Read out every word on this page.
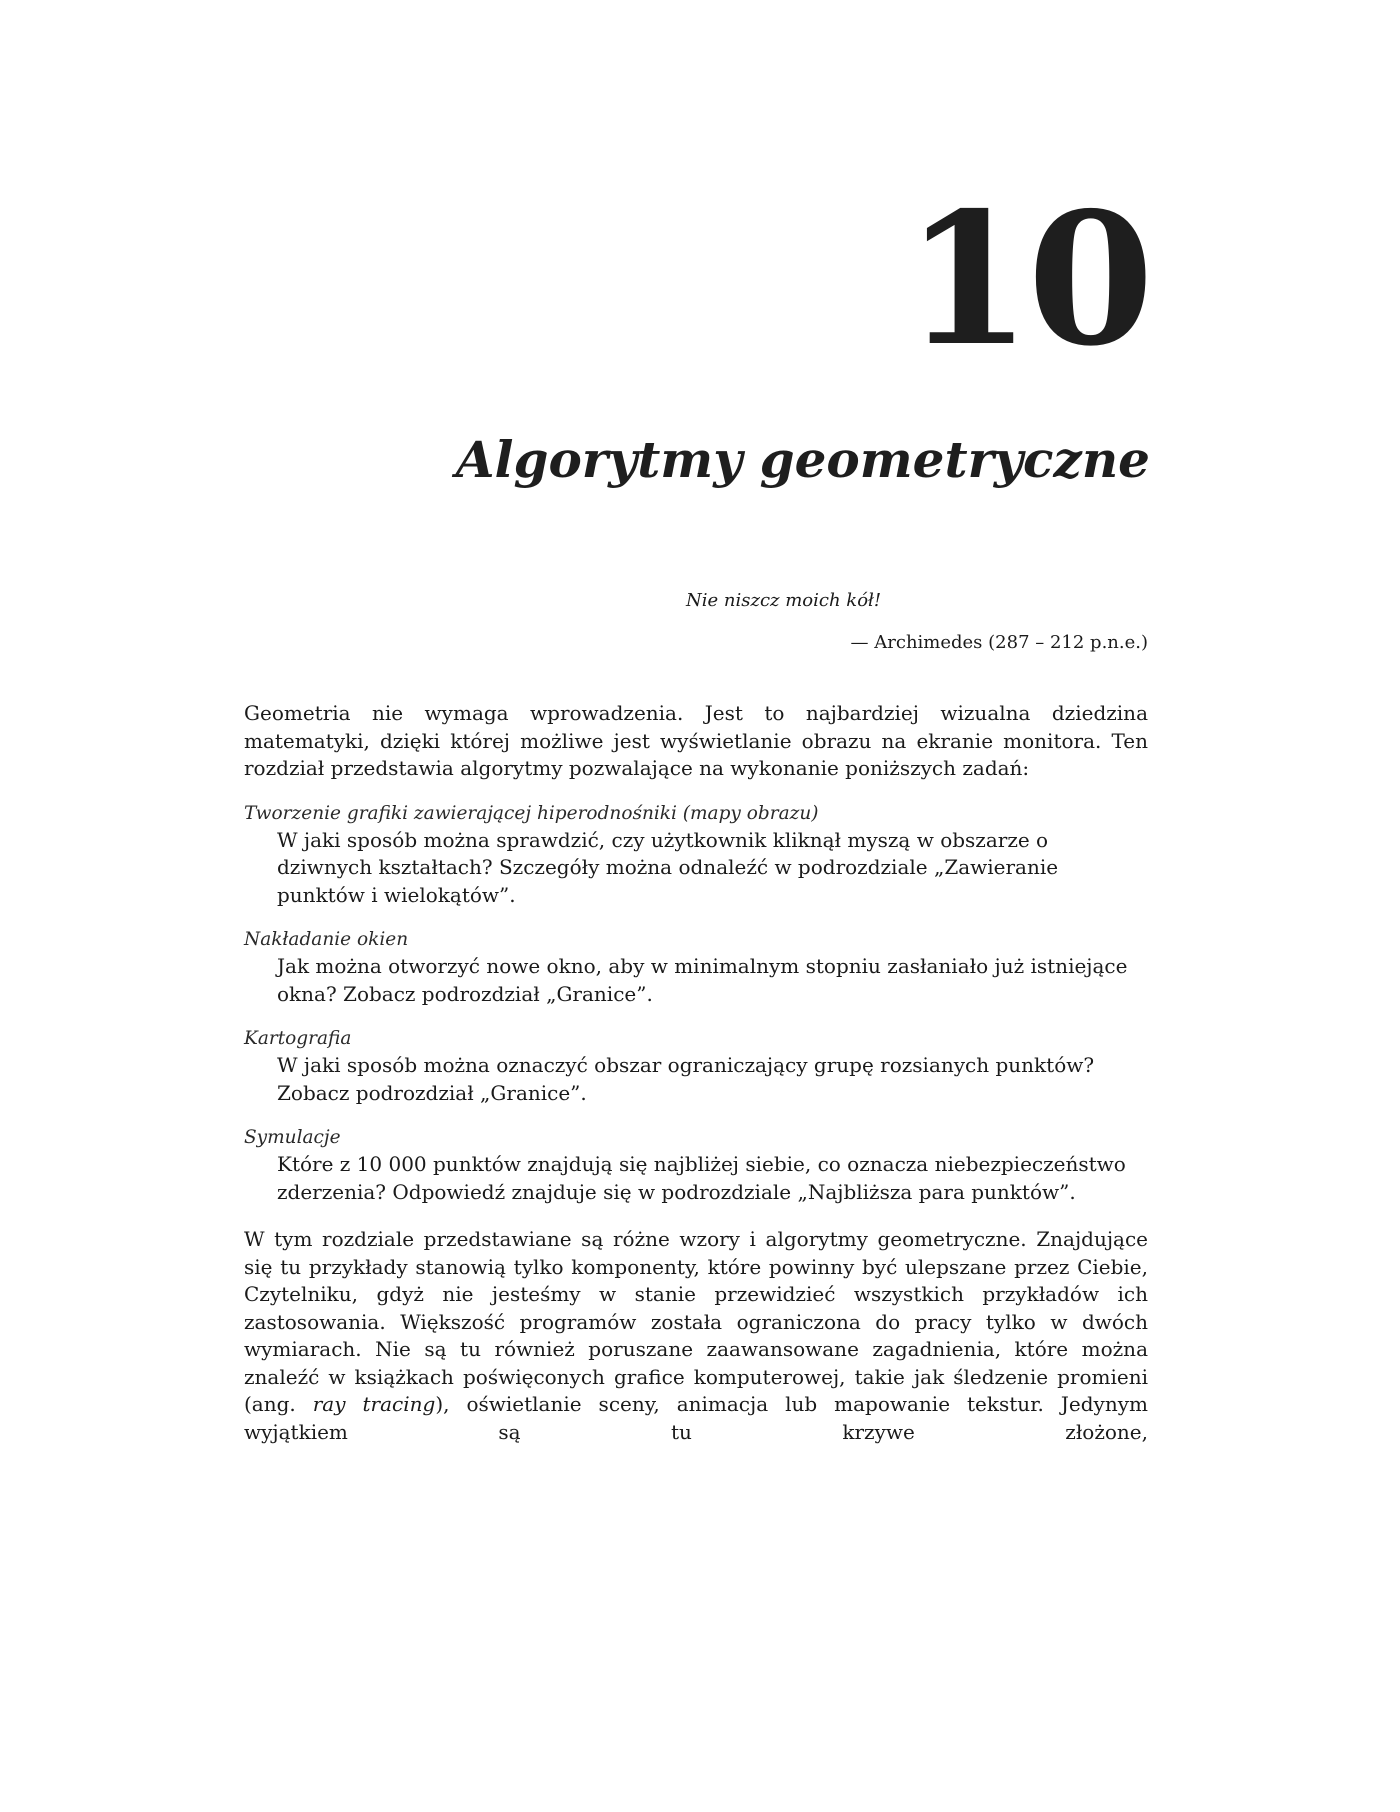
10
Algorytmy geometryczne

Nie niszcz moich kół!

— Archimedes (287 – 212 p.n.e.)

Geometria nie wymaga wprowadzenia. Jest to najbardziej wizualna dziedzina matematyki, dzięki której możliwe jest wyświetlanie obrazu na ekranie monitora. Ten rozdział przedstawia algorytmy pozwalające na wykonanie poniższych zadań:

Tworzenie grafiki zawierającej hiperodnośniki (mapy obrazu)

W jaki sposób można sprawdzić, czy użytkownik kliknął myszą w obszarze o dziwnych kształtach? Szczegóły można odnaleźć w podrozdziale „Zawieranie punktów i wielokątów”.

Nakładanie okien

Jak można otworzyć nowe okno, aby w minimalnym stopniu zasłaniało już istniejące okna? Zobacz podrozdział „Granice”.

Kartografia

W jaki sposób można oznaczyć obszar ograniczający grupę rozsianych punktów? Zobacz podrozdział „Granice”.

Symulacje

Które z 10 000 punktów znajdują się najbliżej siebie, co oznacza niebezpieczeństwo zderzenia? Odpowiedź znajduje się w podrozdziale „Najbliższa para punktów”.

W tym rozdziale przedstawiane są różne wzory i algorytmy geometryczne. Znajdujące się tu przykłady stanowią tylko komponenty, które powinny być ulepszane przez Ciebie, Czytelniku, gdyż nie jesteśmy w stanie przewidzieć wszystkich przykładów ich zastosowania. Większość programów została ograniczona do pracy tylko w dwóch wymiarach. Nie są tu również poruszane zaawansowane zagadnienia, które można znaleźć w książkach poświęconych grafice komputerowej, takie jak śledzenie promieni (ang. ray tracing), oświetlanie sceny, animacja lub mapowanie tekstur. Jedynym wyjątkiem są tu krzywe złożone,
